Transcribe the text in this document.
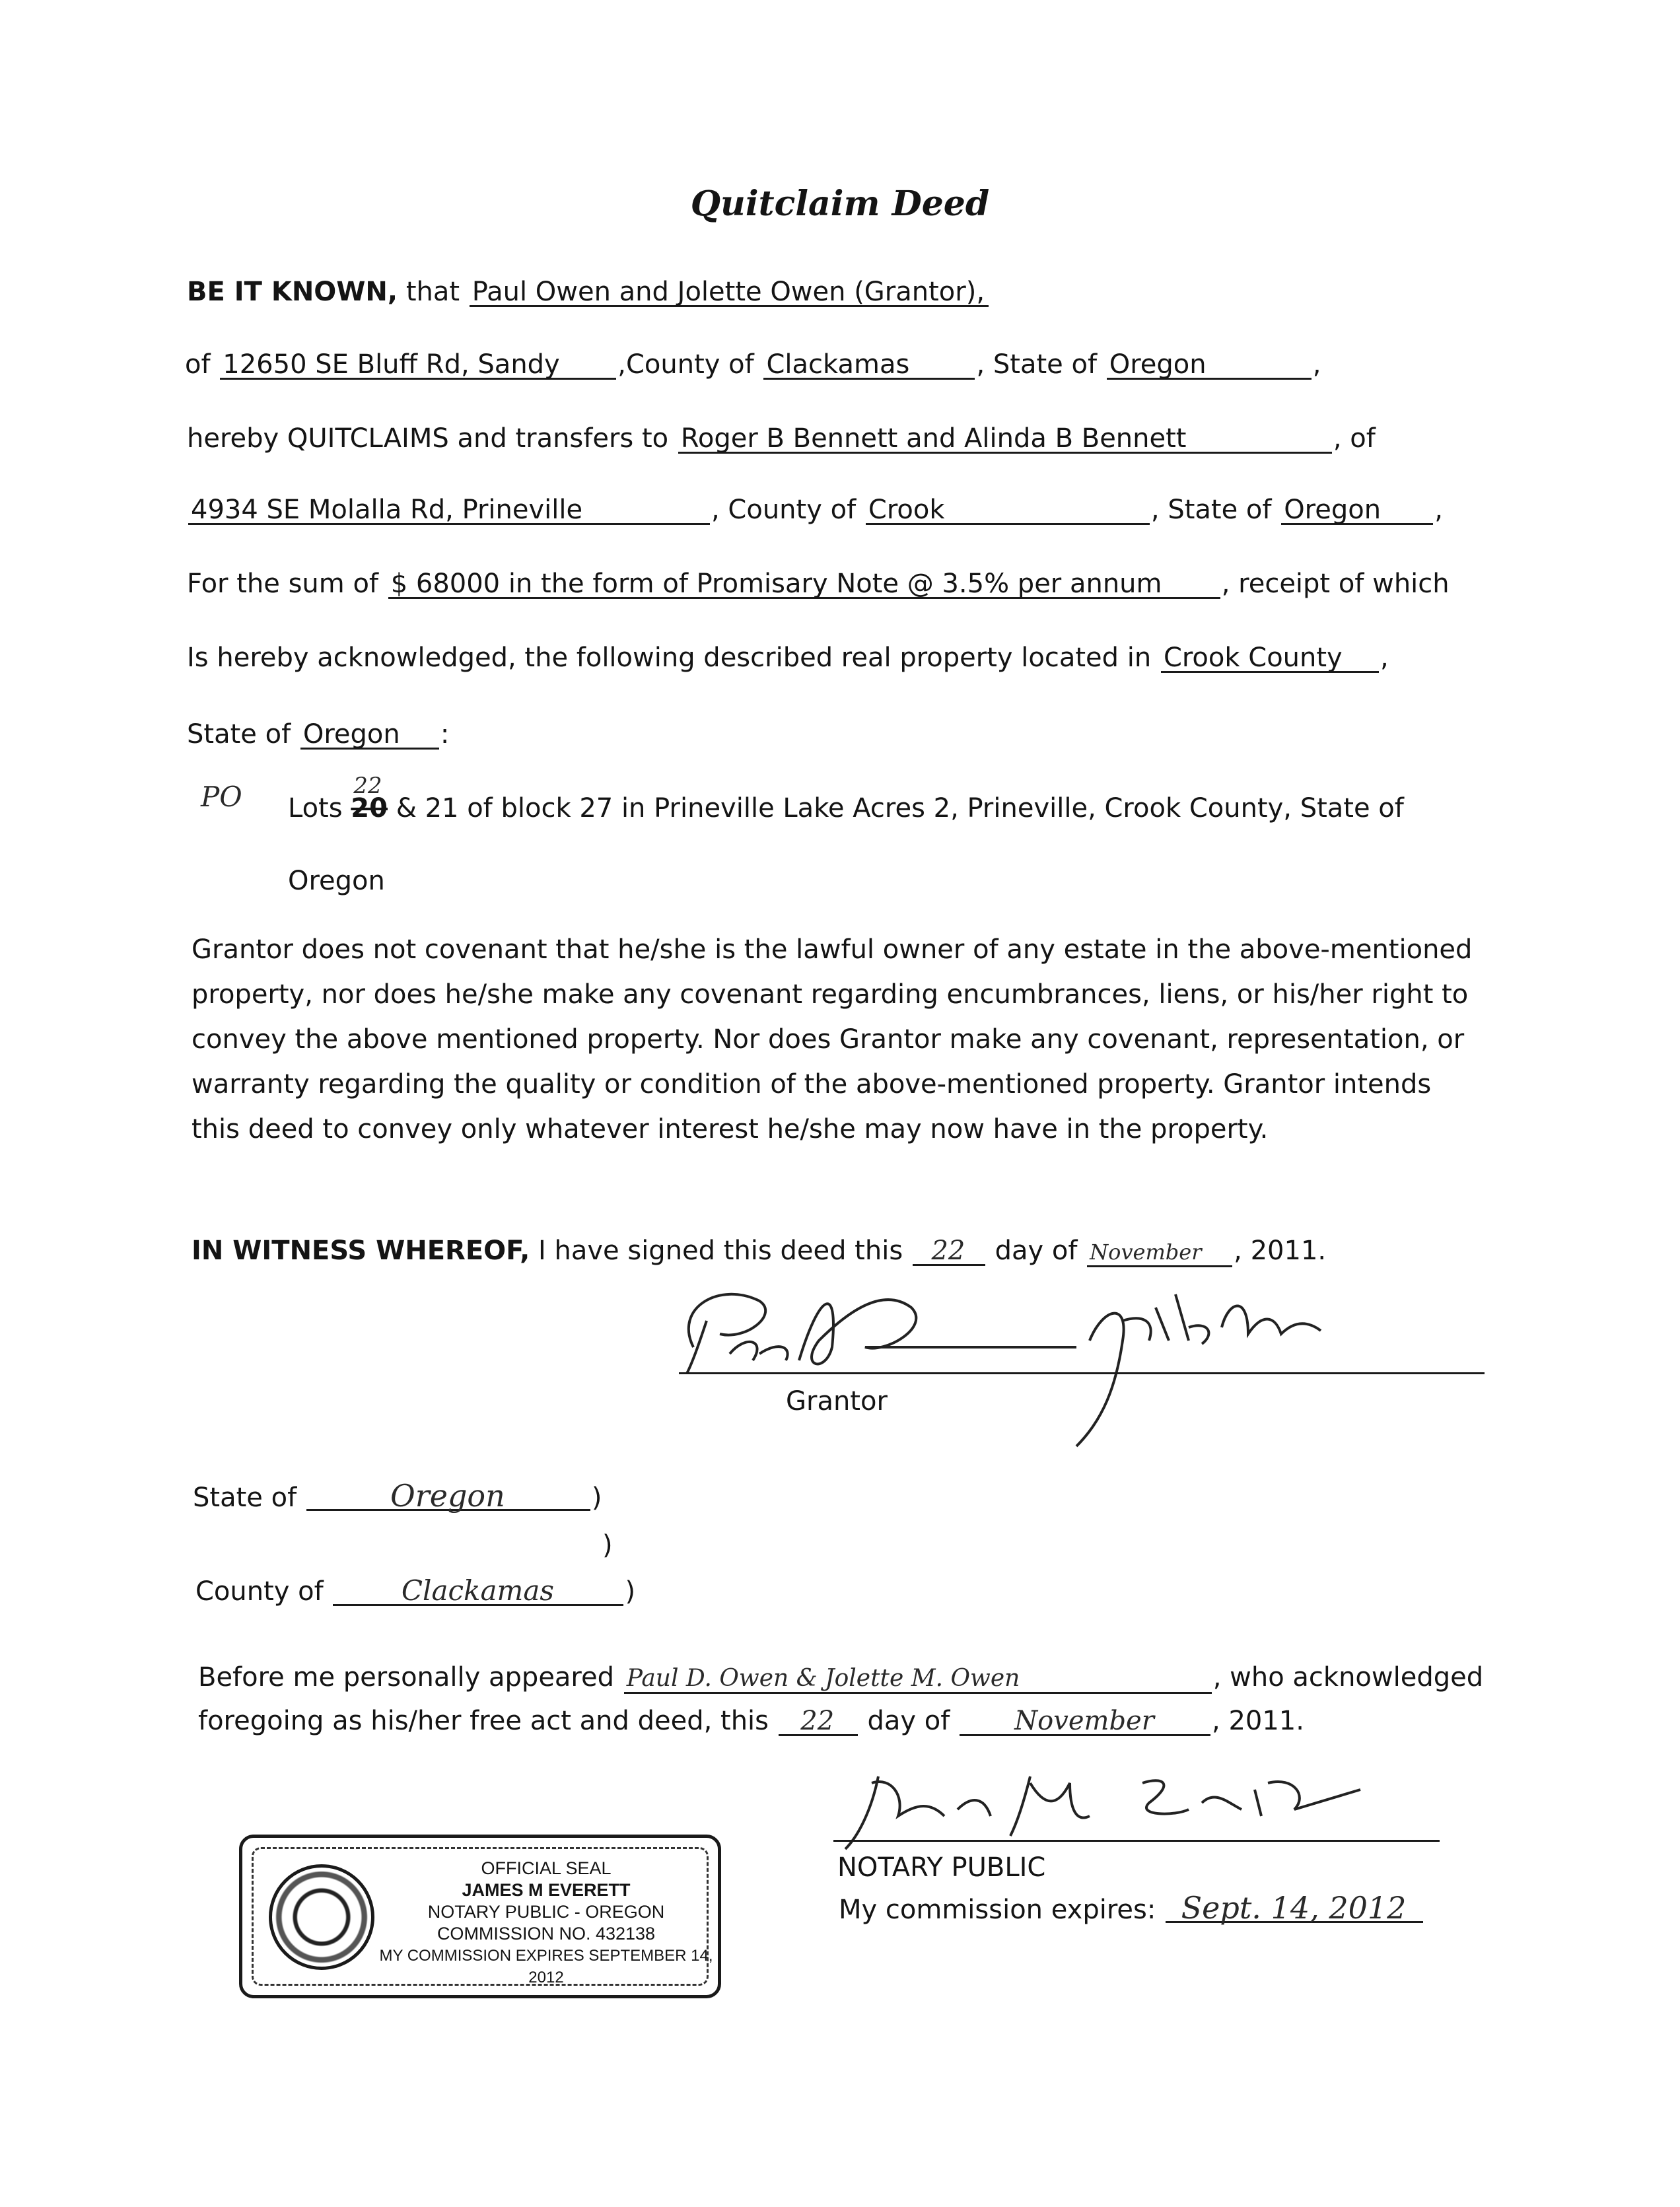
Quitclaim Deed
BE IT KNOWN, that Paul Owen and Jolette Owen (Grantor),
of 12650 SE Bluff Rd, Sandy ,County of Clackamas	, State of Oregon	,
hereby QUITCLAIMS and transfers to Roger B Bennett and Alinda B Bennett	, of
4934 SE Molalla Rd, Prineville	, County of Crook	, State of Oregon ,
For the sum of $ 68000 in the form of Promisary Note @ 3.5% per annum , receipt of which
Is hereby acknowledged, the following described real property located in Crook County ,
State of Oregon :
PO Lots 20
22
& 21 of block 27 in Prineville Lake Acres 2, Prineville, Crook County, State of
Oregon
Grantor does not covenant that he/she is the lawful owner of any estate in the above-mentioned property, nor does he/she make any covenant regarding encumbrances, liens, or his/her right to convey the above mentioned property. Nor does Grantor make any covenant, representation, or warranty regarding the quality or condition of the above-mentioned property. Grantor intends this deed to convey only whatever interest he/she may now have in the property.
IN WITNESS WHEREOF, I have signed this deed this 22 day of November , 2011.
Grantor
State of	Oregon	)
)
County of	Clackamas	)
Before me personally appeared Paul D. Owen & Jolette M. Owen	, who acknowledged
foregoing as his/her free act and deed, this 22 day of November , 2011.
NOTARY PUBLIC
My commission expires: Sept. 14, 2012
OFFICIAL SEAL
JAMES M EVERETT
NOTARY PUBLIC - OREGON
COMMISSION NO. 432138
MY COMMISSION EXPIRES SEPTEMBER 14, 2012
